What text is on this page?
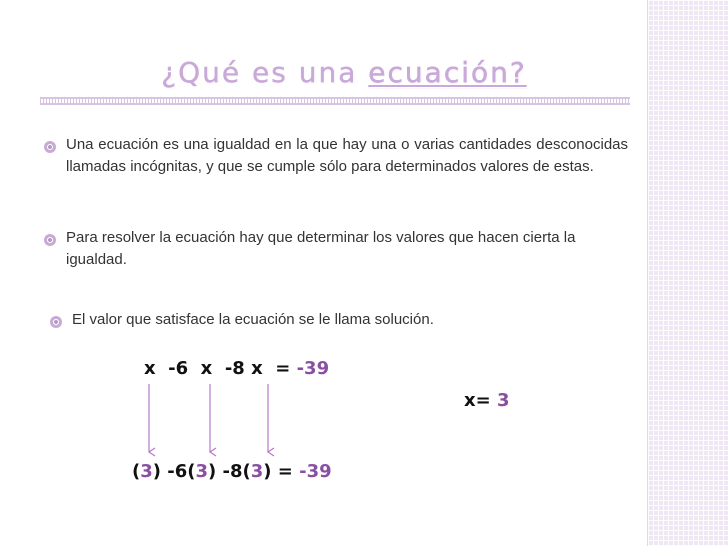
¿Qué es una ecuación?
Una ecuación es una igualdad en la que hay una o varias cantidades desconocidas llamadas incógnitas, y que se cumple sólo para determinados valores de estas.
Para resolver la ecuación hay que determinar los valores que hacen cierta la igualdad.
El valor que satisface la ecuación se le llama solución.
x  -6  x  -8 x  = -39
x= 3
(3) -6(3) -8(3) = -39
